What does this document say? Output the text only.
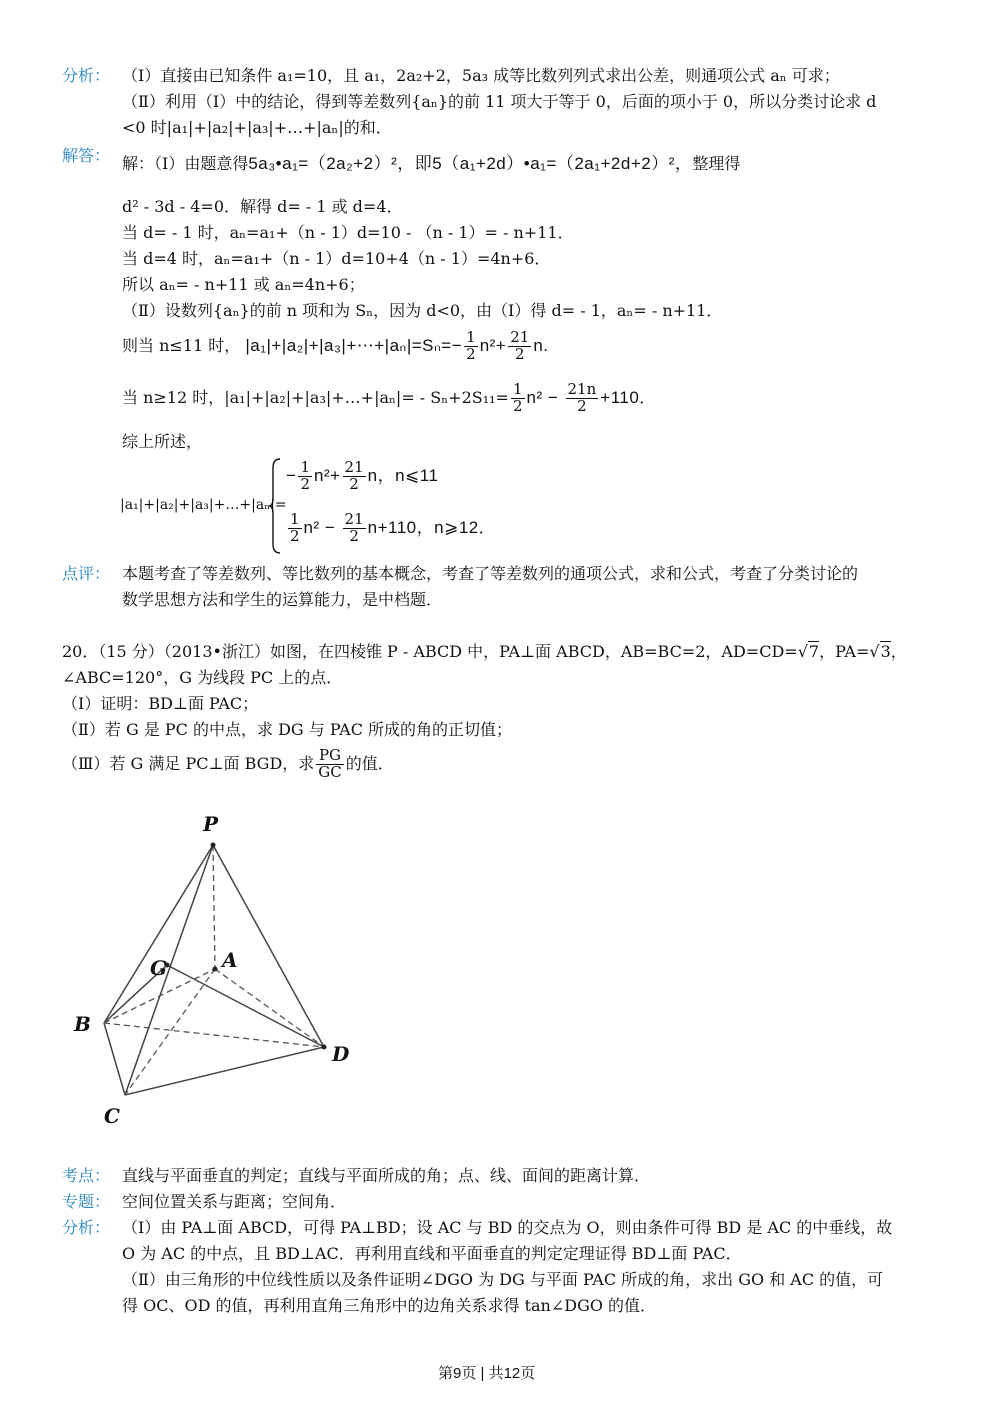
分析： （Ⅰ）直接由已知条件 a₁=10，且 a₁，2a₂+2，5a₃ 成等比数列列式求出公差，则通项公式 aₙ 可求；
（Ⅱ）利用（Ⅰ）中的结论，得到等差数列{aₙ}的前 11 项大于等于 0，后面的项小于 0，所以分类讨论求 d
<0 时|a₁|+|a₂|+|a₃|+…+|aₙ|的和．
解答： 解：（Ⅰ）由题意得5a₃•a₁=（2a₂+2）²，即5（a₁+2d）•a₁=（2a₁+2d+2）²，整理得
d² - 3d - 4=0．解得 d= - 1 或 d=4．
当 d= - 1 时，aₙ=a₁+（n - 1）d=10 - （n - 1）= - n+11．
当 d=4 时，aₙ=a₁+（n - 1）d=10+4（n - 1）=4n+6．
所以 aₙ= - n+11 或 aₙ=4n+6；
（Ⅱ）设数列{aₙ}的前 n 项和为 Sₙ，因为 d<0，由（Ⅰ）得 d= - 1，aₙ= - n+11．
则当 n≤11 时， |a₁|+|a₂|+|a₃|+⋯+|aₙ|=Sₙ=− $\frac{1}{2} n^2+ \frac{21}{2} n$.
当 n≥12 时，|a₁|+|a₂|+|a₃|+…+|aₙ|= - $S_n+2S_{11}= \frac{1}{2} n^2 - \frac{21n}{2} +110$．
综上所述，
|a₁|+|a₂|+|a₃|+…+|aₙ|=
− $\frac{1}{2} n^2+ \frac{21}{2}$ n，n⩽11
$\frac{1}{2} n^2 - \frac{21}{2} n+110$，n⩾12．
点评： 本题考查了等差数列、等比数列的基本概念，考查了等差数列的通项公式，求和公式，考查了分类讨论的
数学思想方法和学生的运算能力，是中档题．
20．（15 分）（2013•浙江）如图，在四棱锥 P - ABCD 中，PA⊥面 ABCD，AB=BC=2，AD=CD=√7，PA=√3，
∠ABC=120°，G 为线段 PC 上的点．
（Ⅰ）证明：BD⊥面 PAC；
（Ⅱ）若 G 是 PC 的中点，求 DG 与 PAC 所成的角的正切值；
（Ⅲ）若 G 满足 PC⊥面 BGD，求 $\frac{PG}{GC}$ 的值．
P
A
G
B
C
D
考点： 直线与平面垂直的判定；直线与平面所成的角；点、线、面间的距离计算．
专题： 空间位置关系与距离；空间角．
分析： （Ⅰ）由 PA⊥面 ABCD，可得 PA⊥BD；设 AC 与 BD 的交点为 O，则由条件可得 BD 是 AC 的中垂线，故
O 为 AC 的中点，且 BD⊥AC．再利用直线和平面垂直的判定定理证得 BD⊥面 PAC．
（Ⅱ）由三角形的中位线性质以及条件证明∠DGO 为 DG 与平面 PAC 所成的角，求出 GO 和 AC 的值，可
得 OC、OD 的值，再利用直角三角形中的边角关系求得 tan∠DGO 的值．
第9页 | 共12页
